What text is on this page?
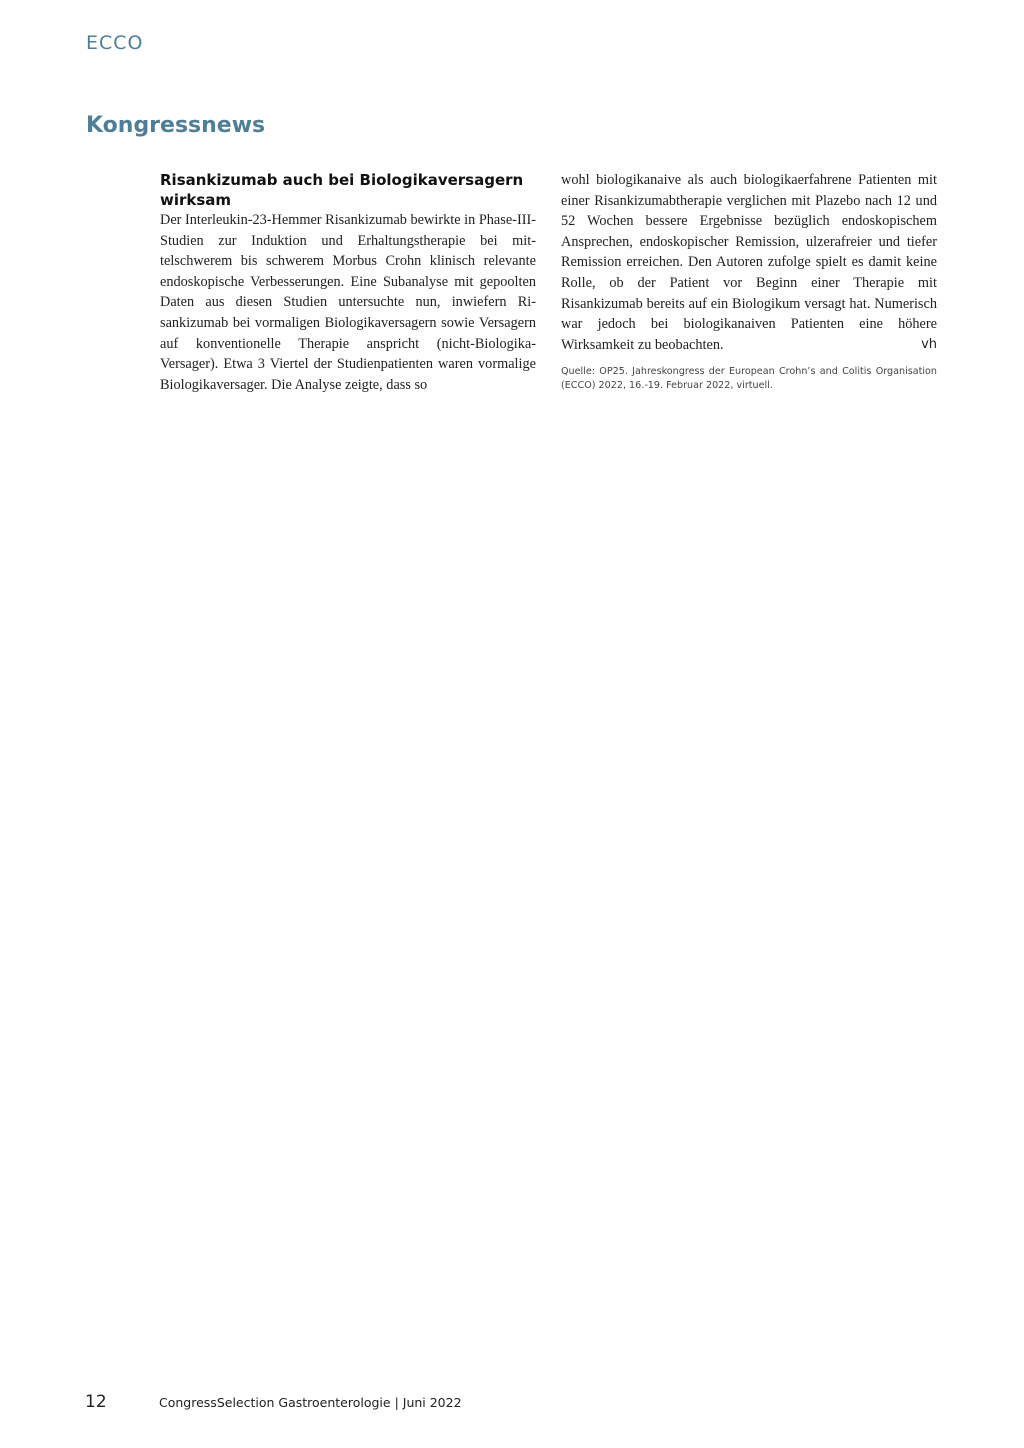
ECCO
Kongressnews
Risankizumab auch bei Biologikaversagern wirksam

Der Interleukin-23-Hemmer Risankizumab bewirkte in Phase-III-Studien zur Induktion und Erhaltungstherapie bei mittelschwerem bis schwerem Morbus Crohn klinisch relevante endoskopische Verbesserungen. Eine Subanalyse mit gepoolten Daten aus diesen Studien untersuchte nun, inwiefern Risankizumab bei vormaligen Biologikaversagern sowie Versagern auf konventionelle Therapie anspricht (nicht-Biologika-Versager). Etwa 3 Viertel der Studienpatienten waren vormalige Biologikaversager. Die Analyse zeigte, dass so

wohl biologikanaive als auch biologikaerfahrene Patienten mit einer Risankizumabtherapie verglichen mit Plazebo nach 12 und 52 Wochen bessere Ergebnisse bezüglich endoskopischem Ansprechen, endoskopischer Remission, ulzerafreier und tiefer Remission erreichen. Den Autoren zufolge spielt es damit keine Rolle, ob der Patient vor Beginn einer Therapie mit Risankizumab bereits auf ein Biologikum versagt hat. Numerisch war jedoch bei biologikanaiven Patienten eine höhere Wirksamkeit zu beobachten.	vh

Quelle: OP25. Jahreskongress der European Crohn’s and Colitis Organisation (ECCO) 2022, 16.-19. Februar 2022, virtuell.

12	CongressSelection Gastroenterologie | Juni 2022
